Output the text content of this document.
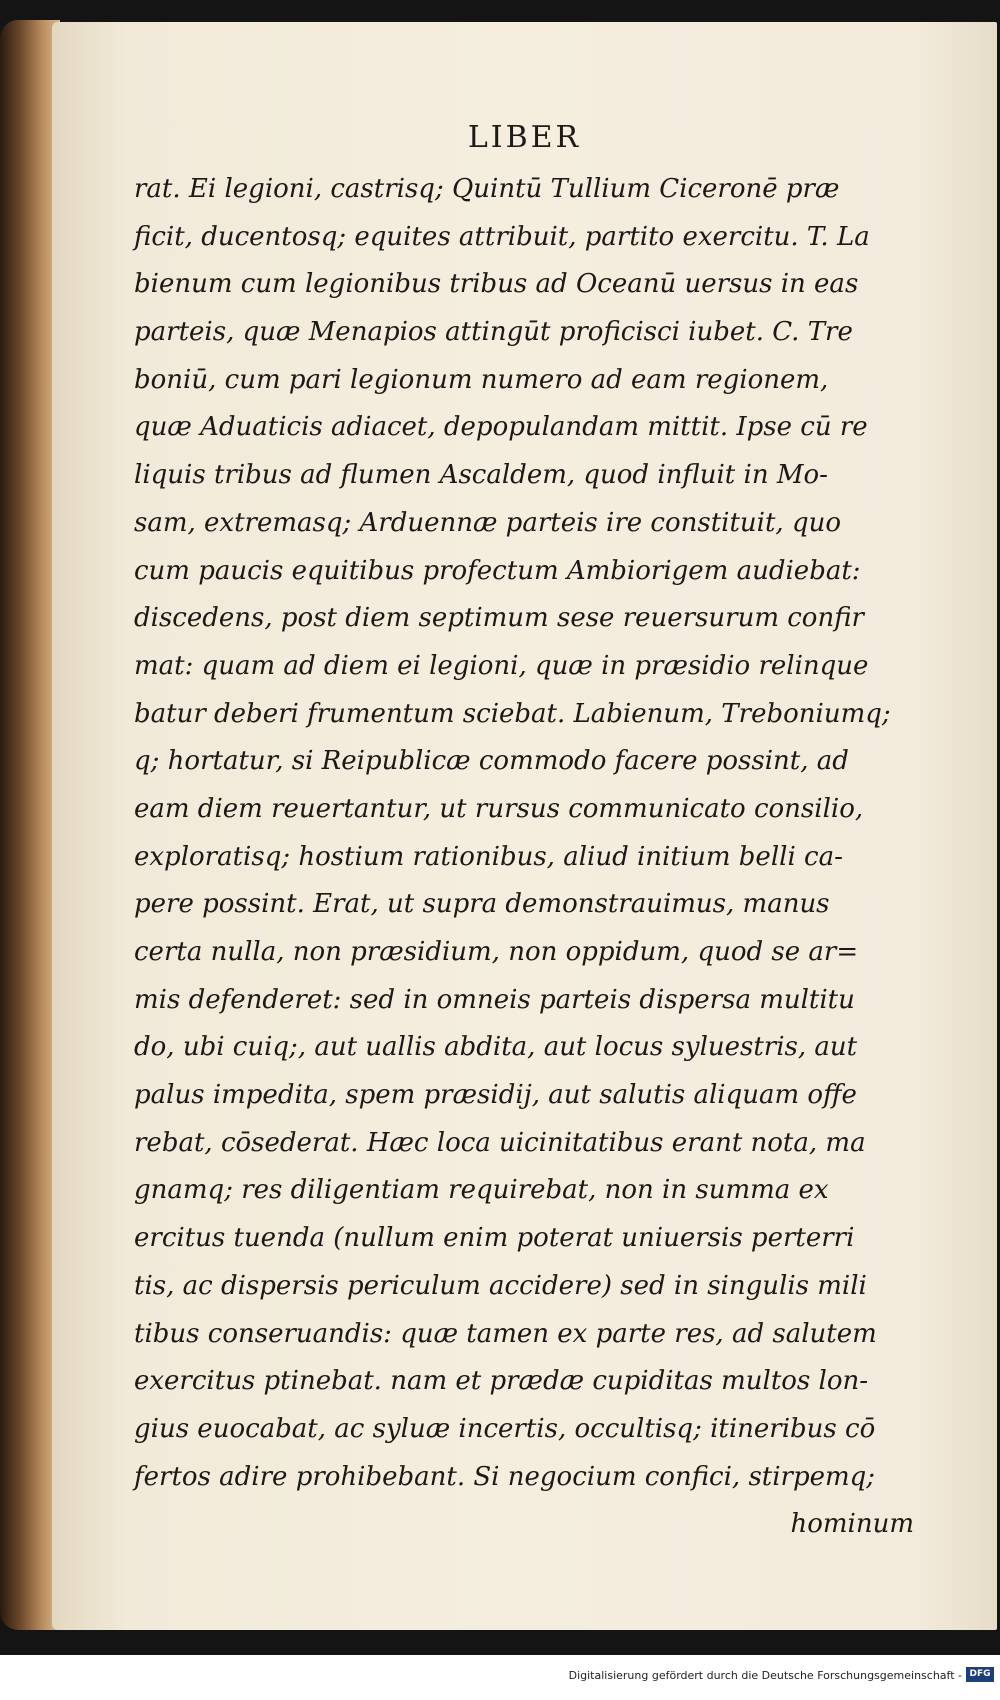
LIBER
rat. Ei legioni, castrisq; Quintū Tullium Ciceronē præ
ficit, ducentosq; equites attribuit, partito exercitu. T. La
bienum cum legionibus tribus ad Oceanū uersus in eas
parteis, quæ Menapios attingūt proficisci iubet. C. Tre
boniū, cum pari legionum numero ad eam regionem,
quæ Aduaticis adiacet, depopulandam mittit. Ipse cū re
liquis tribus ad flumen Ascaldem, quod influit in Mo-
sam, extremasq; Arduennæ parteis ire constituit, quo
cum paucis equitibus profectum Ambiorigem audiebat:
discedens, post diem septimum sese reuersurum confir
mat: quam ad diem ei legioni, quæ in præsidio relinque
batur deberi frumentum sciebat. Labienum, Treboniumq;
q; hortatur, si Reipublicæ commodo facere possint, ad
eam diem reuertantur, ut rursus communicato consilio,
exploratisq; hostium rationibus, aliud initium belli ca-
pere possint. Erat, ut supra demonstrauimus, manus
certa nulla, non præsidium, non oppidum, quod se ar=
mis defenderet: sed in omneis parteis dispersa multitu
do, ubi cuiq;, aut uallis abdita, aut locus syluestris, aut
palus impedita, spem præsidij, aut salutis aliquam offe
rebat, cōsederat. Hæc loca uicinitatibus erant nota, ma
gnamq; res diligentiam requirebat, non in summa ex
ercitus tuenda (nullum enim poterat uniuersis perterri
tis, ac dispersis periculum accidere) sed in singulis mili
tibus conseruandis: quæ tamen ex parte res, ad salutem
exercitus ptinebat. nam et prædæ cupiditas multos lon-
gius euocabat, ac syluæ incertis, occultisq; itineribus cō
fertos adire prohibebant. Si negocium confici, stirpemq;
hominum
Digitalisierung gefördert durch die Deutsche Forschungsgemeinschaft - DFG
